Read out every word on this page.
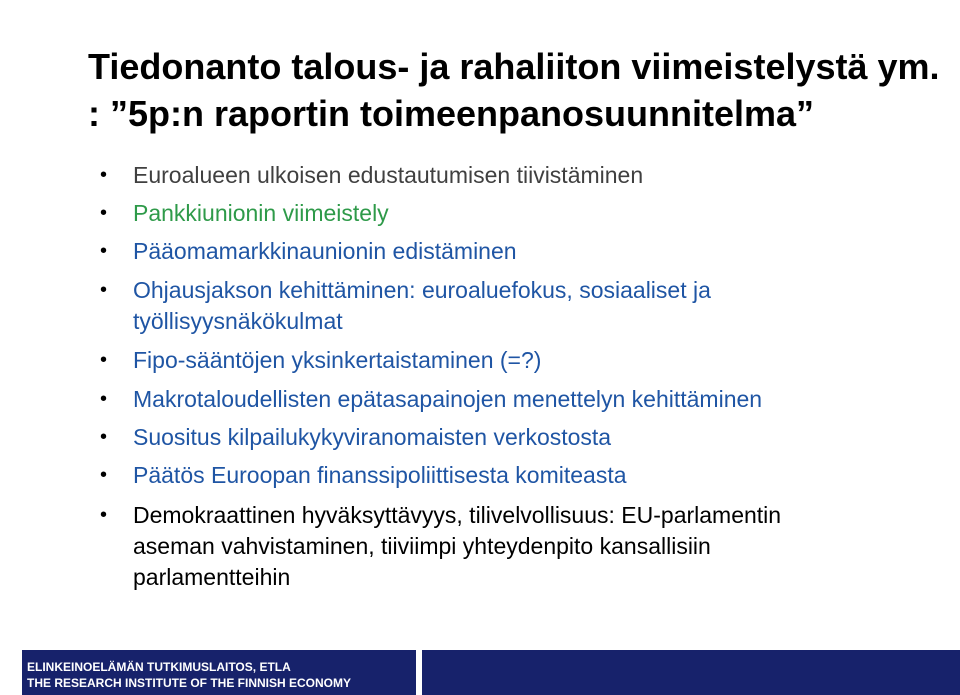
Tiedonanto talous- ja rahaliiton viimeistelystä ym. : ”5p:n raportin toimeenpanosuunnitelma”
• Euroalueen ulkoisen edustautumisen tiivistäminen
• Pankkiunionin viimeistely
• Pääomamarkkinaunionin edistäminen
• Ohjausjakson kehittäminen: euroaluefokus, sosiaaliset ja työllisyysnäkökulmat
• Fipo-sääntöjen yksinkertaistaminen (=?)
• Makrotaloudellisten epätasapainojen menettelyn kehittäminen
• Suositus kilpailukykyviranomaisten verkostosta
• Päätös Euroopan finanssipoliittisesta komiteasta
• Demokraattinen hyväksyttävyys, tilivelvollisuus: EU-parlamentin aseman vahvistaminen, tiiviimpi yhteydenpito kansallisiin parlamentteihin
ELINKEINOELÄMÄN TUTKIMUSLAITOS, ETLA
THE RESEARCH INSTITUTE OF THE FINNISH ECONOMY
